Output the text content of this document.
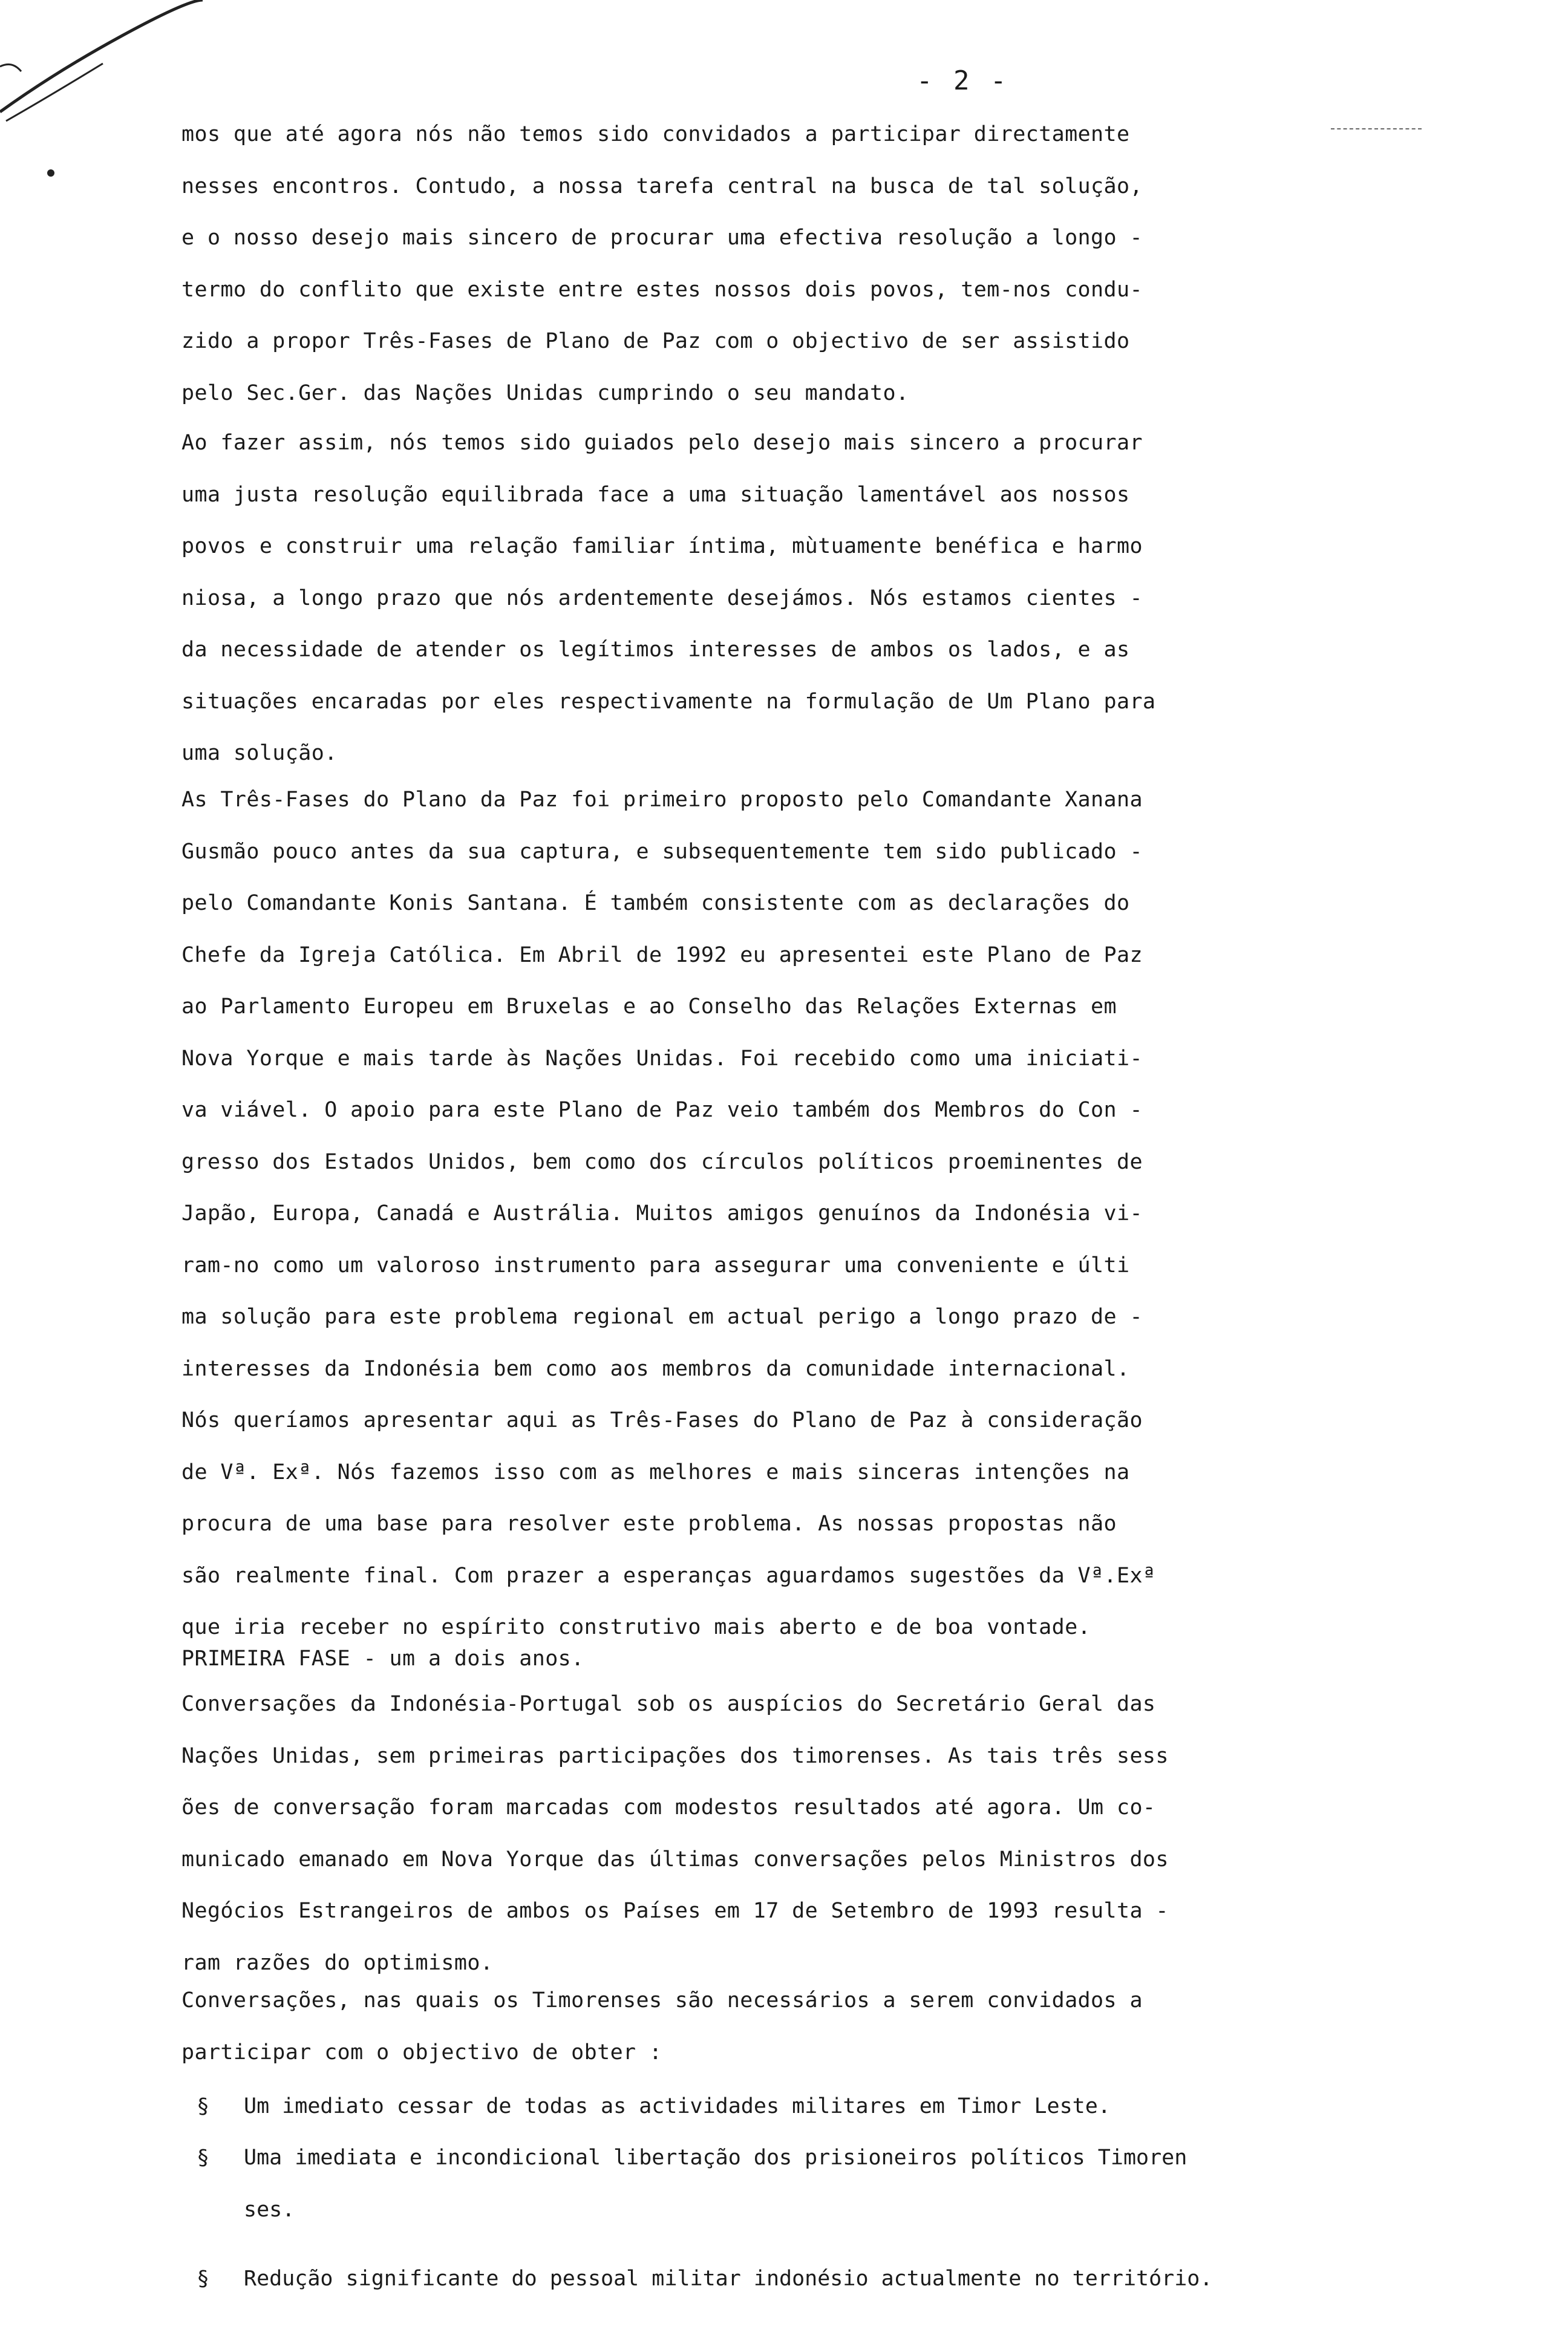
- 2 -
mos que até agora nós não temos sido convidados a participar directamente
nesses encontros. Contudo, a nossa tarefa central na busca de tal solução,
e o nosso desejo mais sincero de procurar uma efectiva resolução a longo -
termo do conflito que existe entre estes nossos dois povos, tem-nos condu-
zido a propor Três-Fases de Plano de Paz com o objectivo de ser assistido
pelo Sec.Ger. das Nações Unidas cumprindo o seu mandato.
Ao fazer assim, nós temos sido guiados pelo desejo mais sincero a procurar
uma justa resolução equilibrada face a uma situação lamentável aos nossos
povos e construir uma relação familiar íntima, mùtuamente benéfica e harmo
niosa, a longo prazo que nós ardentemente desejámos. Nós estamos cientes -
da necessidade de atender os legítimos interesses de ambos os lados, e as
situações encaradas por eles respectivamente na formulação de Um Plano para
uma solução.
As Três-Fases do Plano da Paz foi primeiro proposto pelo Comandante Xanana
Gusmão pouco antes da sua captura, e subsequentemente tem sido publicado -
pelo Comandante Konis Santana. É também consistente com as declarações do
Chefe da Igreja Católica. Em Abril de 1992 eu apresentei este Plano de Paz
ao Parlamento Europeu em Bruxelas e ao Conselho das Relações Externas em
Nova Yorque e mais tarde às Nações Unidas. Foi recebido como uma iniciati-
va viável. O apoio para este Plano de Paz veio também dos Membros do Con -
gresso dos Estados Unidos, bem como dos círculos políticos proeminentes de
Japão, Europa, Canadá e Austrália. Muitos amigos genuínos da Indonésia vi-
ram-no como um valoroso instrumento para assegurar uma conveniente e últi
ma solução para este problema regional em actual perigo a longo prazo de -
interesses da Indonésia bem como aos membros da comunidade internacional.
Nós queríamos apresentar aqui as Três-Fases do Plano de Paz à consideração
de Vª. Exª. Nós fazemos isso com as melhores e mais sinceras intenções na
procura de uma base para resolver este problema. As nossas propostas não
são realmente final. Com prazer a esperanças aguardamos sugestões da Vª.Exª
que iria receber no espírito construtivo mais aberto e de boa vontade.
PRIMEIRA FASE - um a dois anos.
Conversações da Indonésia-Portugal sob os auspícios do Secretário Geral das
Nações Unidas, sem primeiras participações dos timorenses. As tais três sess
ões de conversação foram marcadas com modestos resultados até agora. Um co-
municado emanado em Nova Yorque das últimas conversações pelos Ministros dos
Negócios Estrangeiros de ambos os Países em 17 de Setembro de 1993 resulta -
ram razões do optimismo.
Conversações, nas quais os Timorenses são necessários a serem convidados a
participar com o objectivo de obter :
§ Um imediato cessar de todas as actividades militares em Timor Leste.
§ Uma imediata e incondicional libertação dos prisioneiros políticos Timoren
ses.
§ Redução significante do pessoal militar indonésio actualmente no território.
